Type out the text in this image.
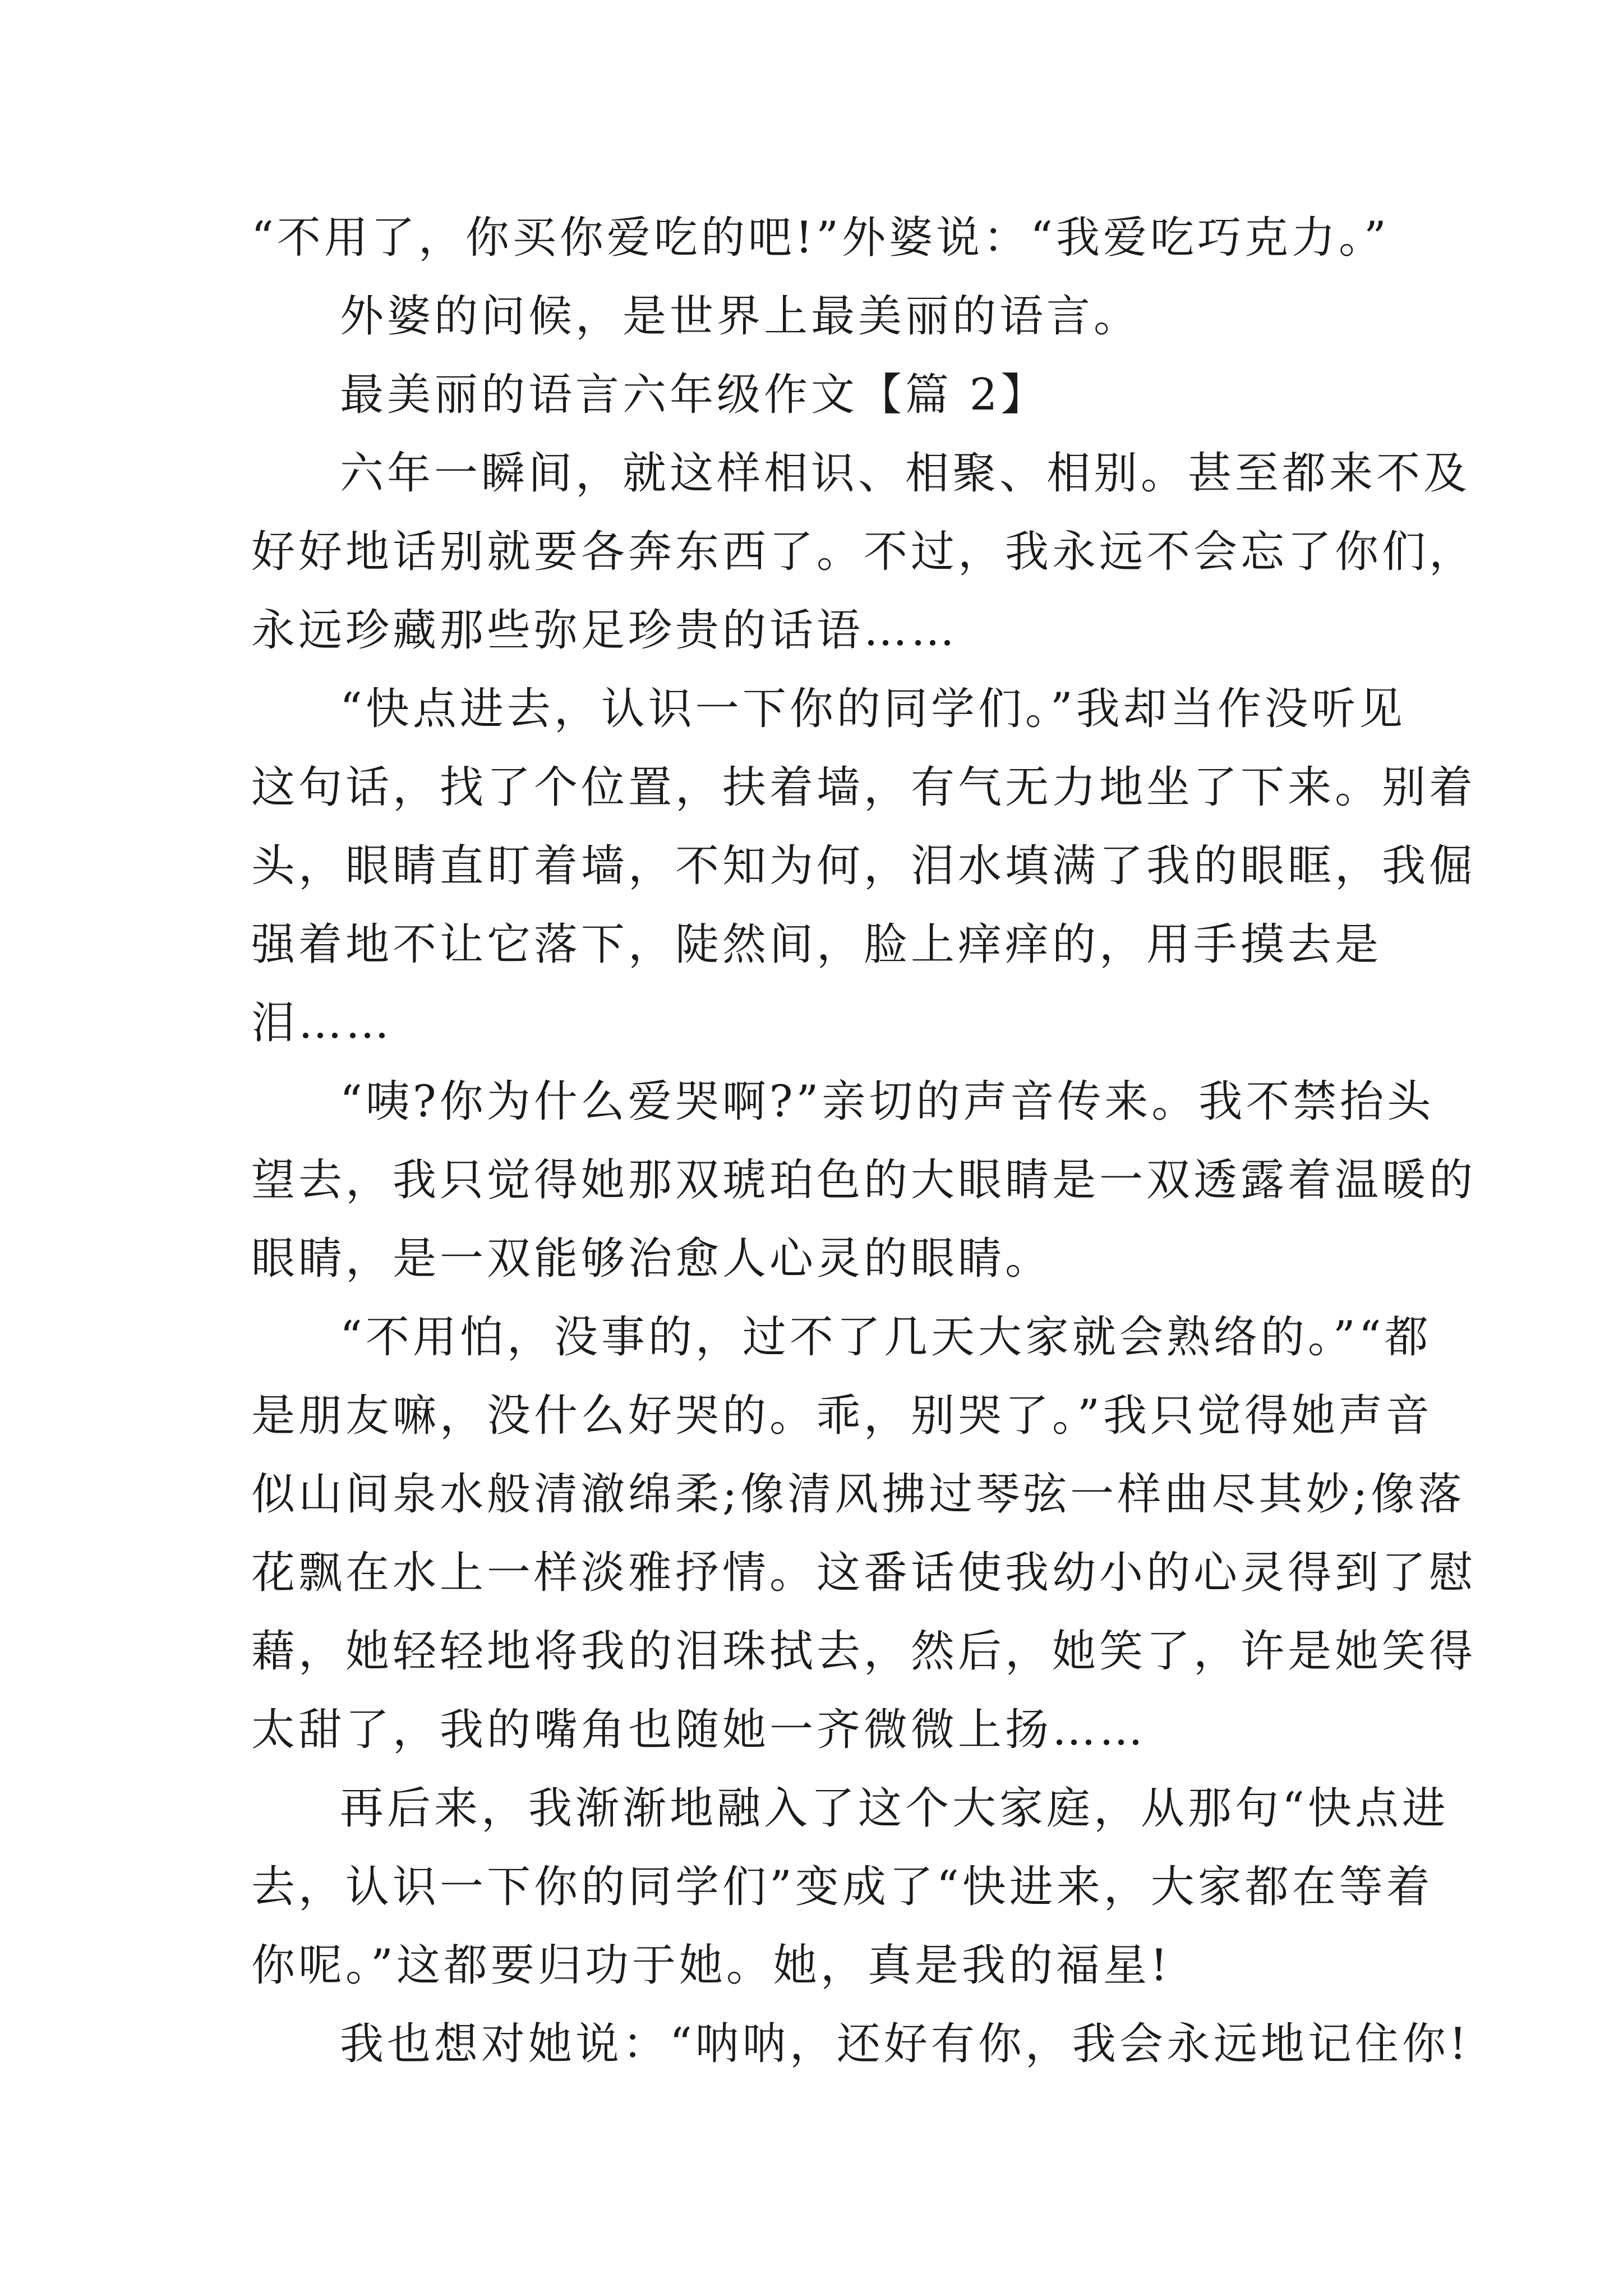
“不用了，你买你爱吃的吧!”外婆说：“我爱吃巧克力。”
外婆的问候，是世界上最美丽的语言。
最美丽的语言六年级作文【篇 2】
六年一瞬间，就这样相识、相聚、相别。甚至都来不及
好好地话别就要各奔东西了。不过，我永远不会忘了你们，
永远珍藏那些弥足珍贵的话语……
“快点进去，认识一下你的同学们。”我却当作没听见
这句话，找了个位置，扶着墙，有气无力地坐了下来。别着
头，眼睛直盯着墙，不知为何，泪水填满了我的眼眶，我倔
强着地不让它落下，陡然间，脸上痒痒的，用手摸去是
泪……
“咦?你为什么爱哭啊?”亲切的声音传来。我不禁抬头
望去，我只觉得她那双琥珀色的大眼睛是一双透露着温暖的
眼睛，是一双能够治愈人心灵的眼睛。
“不用怕，没事的，过不了几天大家就会熟络的。”“都
是朋友嘛，没什么好哭的。乖，别哭了。”我只觉得她声音
似山间泉水般清澈绵柔;像清风拂过琴弦一样曲尽其妙;像落
花飘在水上一样淡雅抒情。这番话使我幼小的心灵得到了慰
藉，她轻轻地将我的泪珠拭去，然后，她笑了，许是她笑得
太甜了，我的嘴角也随她一齐微微上扬……
再后来，我渐渐地融入了这个大家庭，从那句“快点进
去，认识一下你的同学们”变成了“快进来，大家都在等着
你呢。”这都要归功于她。她，真是我的福星!
我也想对她说：“呐呐，还好有你，我会永远地记住你!
